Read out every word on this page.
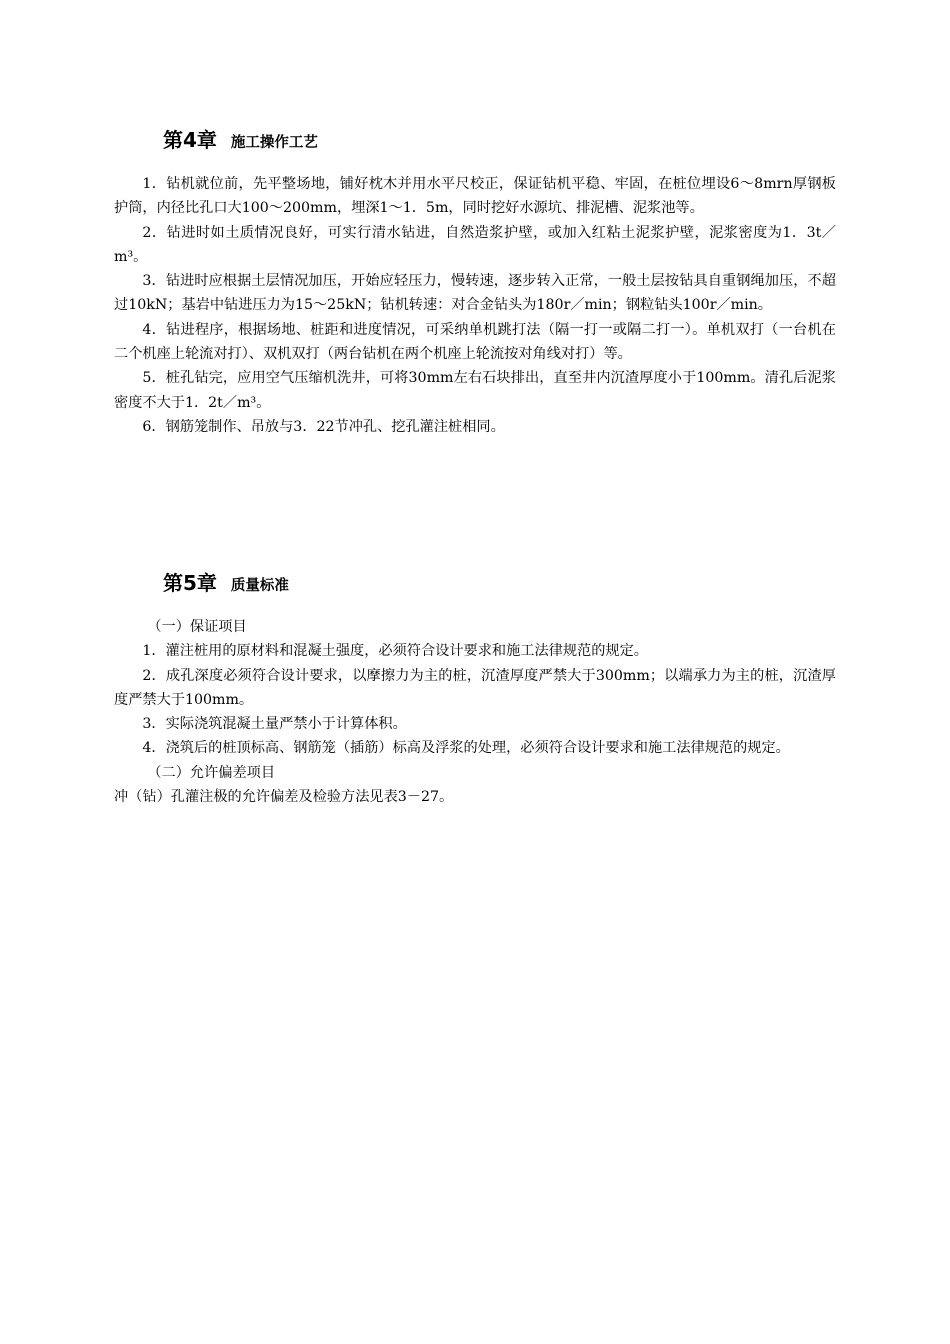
第4章 施工操作工艺

1．钻机就位前，先平整场地，铺好枕木并用水平尺校正，保证钻机平稳、牢固，在桩位埋设6～8mrn厚钢板护筒，内径比孔口大100～200mm，埋深1～1．5m，同时挖好水源坑、排泥槽、泥浆池等。

2．钻进时如土质情况良好，可实行清水钻进，自然造浆护壁，或加入红粘土泥浆护壁，泥浆密度为1．3t／m³。

3．钻进时应根据土层情况加压，开始应轻压力，慢转速，逐步转入正常，一般土层按钻具自重钢绳加压，不超过10kN；基岩中钻进压力为15～25kN；钻机转速：对合金钻头为180r／min；钢粒钻头100r／min。

4．钻进程序，根据场地、桩距和进度情况，可采纳单机跳打法（隔一打一或隔二打一）。单机双打（一台机在二个机座上轮流对打）、双机双打（两台钻机在两个机座上轮流按对角线对打）等。

5．桩孔钻完，应用空气压缩机洗井，可将30mm左右石块排出，直至井内沉渣厚度小于100mm。清孔后泥浆密度不大于1．2t／m³。

6．钢筋笼制作、吊放与3．22节冲孔、挖孔灌注桩相同。

第5章 质量标准

（一）保证项目

1．灌注桩用的原材料和混凝土强度，必须符合设计要求和施工法律规范的规定。

2．成孔深度必须符合设计要求，以摩擦力为主的桩，沉渣厚度严禁大于300mm；以端承力为主的桩，沉渣厚度严禁大于100mm。

3．实际浇筑混凝土量严禁小于计算体积。

4．浇筑后的桩顶标高、钢筋笼（插筋）标高及浮浆的处理，必须符合设计要求和施工法律规范的规定。

（二）允许偏差项目

冲（钻）孔灌注极的允许偏差及检验方法见表3－27。
